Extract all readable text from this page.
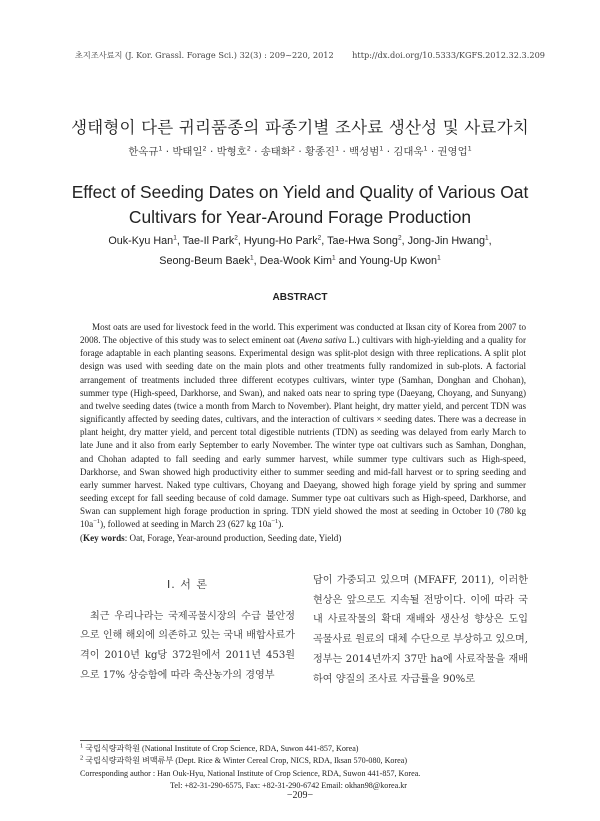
초지조사료지 (J. Kor. Grassl. Forage Sci.) 32(3) : 209~220, 2012 http://dx.doi.org/10.5333/KGFS.2012.32.3.209
생태형이 다른 귀리품종의 파종기별 조사료 생산성 및 사료가치
한옥규$^1$ · 박태일$^2$ · 박형호$^2$ · 송태화$^2$ · 황종진$^1$ · 백성범$^1$ · 김대욱$^1$ · 권영업$^1$
Effect of Seeding Dates on Yield and Quality of Various Oat
Cultivars for Year-Around Forage Production
Ouk-Kyu Han$^1$, Tae-Il Park$^2$, Hyung-Ho Park$^2$, Tae-Hwa Song$^2$, Jong-Jin Hwang$^1$,
Seong-Beum Baek$^1$, Dea-Wook Kim$^1$ and Young-Up Kwon$^1$
ABSTRACT

Most oats are used for livestock feed in the world. This experiment was conducted at Iksan city of Korea from 2007 to 2008. The objective of this study was to select eminent oat (Avena sativa L.) cultivars with high-yielding and a quality for forage adaptable in each planting seasons. Experimental design was split-plot design with three replications. A split plot design was used with seeding date on the main plots and other treatments fully randomized in sub-plots. A factorial arrangement of treatments included three different ecotypes cultivars, winter type (Samhan, Donghan and Chohan), summer type (High-speed, Darkhorse, and Swan), and naked oats near to spring type (Daeyang, Choyang, and Sunyang) and twelve seeding dates (twice a month from March to November). Plant height, dry matter yield, and percent TDN was significantly affected by seeding dates, cultivars, and the interaction of cultivars × seeding dates. There was a decrease in plant height, dry matter yield, and percent total digestible nutrients (TDN) as seeding was delayed from early March to late June and it also from early September to early November. The winter type oat cultivars such as Samhan, Donghan, and Chohan adapted to fall seeding and early summer harvest, while summer type cultivars such as High-speed, Darkhorse, and Swan showed high productivity either to summer seeding and mid-fall harvest or to spring seeding and early summer harvest. Naked type cultivars, Choyang and Daeyang, showed high forage yield by spring and summer seeding except for fall seeding because of cold damage. Summer type oat cultivars such as High-speed, Darkhorse, and Swan can supplement high forage production in spring. TDN yield showed the most at seeding in October 10 (780 kg $10a^{-1}$), followed at seeding in March 23 (627 kg $10a^{-1}$).

(Key words: Oat, Forage, Year-around production, Seeding date, Yield)

Ⅰ. 서 론

최근 우리나라는 국제곡물시장의 수급 불안정으로 인해 해외에 의존하고 있는 국내 배합사료가격이 2010년 kg당 372원에서 2011년 453원으로 17% 상승함에 따라 축산농가의 경영부

담이 가중되고 있으며 (MFAFF, 2011), 이러한 현상은 앞으로도 지속될 전망이다. 이에 따라 국내 사료작물의 확대 재배와 생산성 향상은 도입 곡물사료 원료의 대체 수단으로 부상하고 있으며, 정부는 2014년까지 37만 ha에 사료작물을 재배하여 양질의 조사료 자급률을 90%로

$^1$ 국립식량과학원 (National Institute of Crop Science, RDA, Suwon 441-857, Korea)
$^2$ 국립식량과학원 벼맥류부 (Dept. Rice & Winter Cereal Crop, NICS, RDA, Iksan 570-080, Korea)
Corresponding author : Han Ouk-Hyu, National Institute of Crop Science, RDA, Suwon 441-857, Korea.
Tel: +82-31-290-6575, Fax: +82-31-290-6742 Email: okhan98@korea.kr
−209−
